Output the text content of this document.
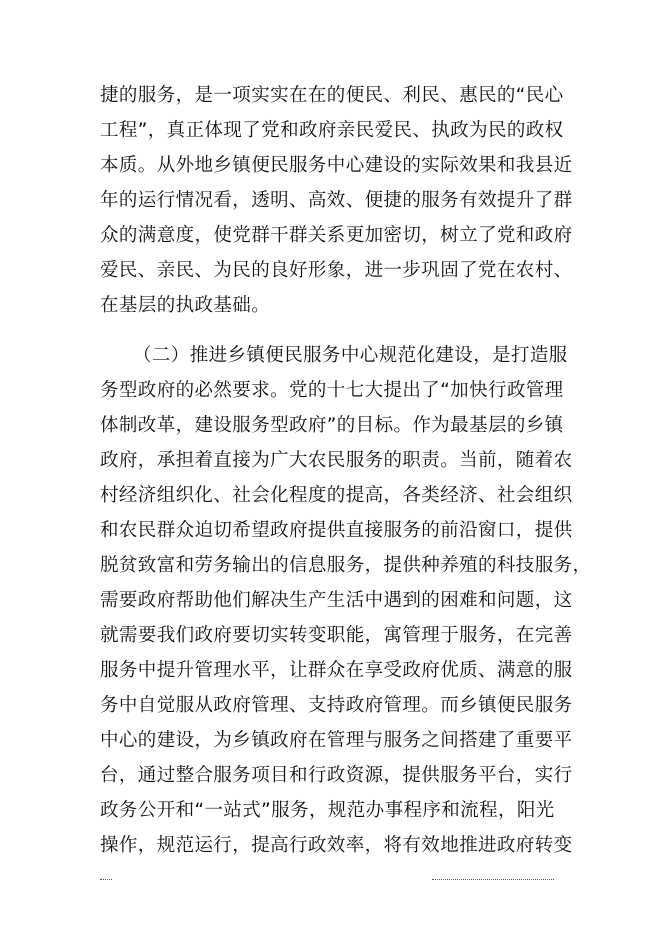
捷的服务，是一项实实在在的便民、利民、惠民的“民心
工程”，真正体现了党和政府亲民爱民、执政为民的政权
本质。从外地乡镇便民服务中心建设的实际效果和我县近
年的运行情况看，透明、高效、便捷的服务有效提升了群
众的满意度，使党群干群关系更加密切，树立了党和政府
爱民、亲民、为民的良好形象，进一步巩固了党在农村、
在基层的执政基础。
（二）推进乡镇便民服务中心规范化建设，是打造服
务型政府的必然要求。党的十七大提出了“加快行政管理
体制改革，建设服务型政府”的目标。作为最基层的乡镇
政府，承担着直接为广大农民服务的职责。当前，随着农
村经济组织化、社会化程度的提高，各类经济、社会组织
和农民群众迫切希望政府提供直接服务的前沿窗口，提供
脱贫致富和劳务输出的信息服务，提供种养殖的科技服务，
需要政府帮助他们解决生产生活中遇到的困难和问题，这
就需要我们政府要切实转变职能，寓管理于服务，在完善
服务中提升管理水平，让群众在享受政府优质、满意的服
务中自觉服从政府管理、支持政府管理。而乡镇便民服务
中心的建设，为乡镇政府在管理与服务之间搭建了重要平
台，通过整合服务项目和行政资源，提供服务平台，实行
政务公开和“一站式”服务，规范办事程序和流程，阳光
操作，规范运行，提高行政效率，将有效地推进政府转变
